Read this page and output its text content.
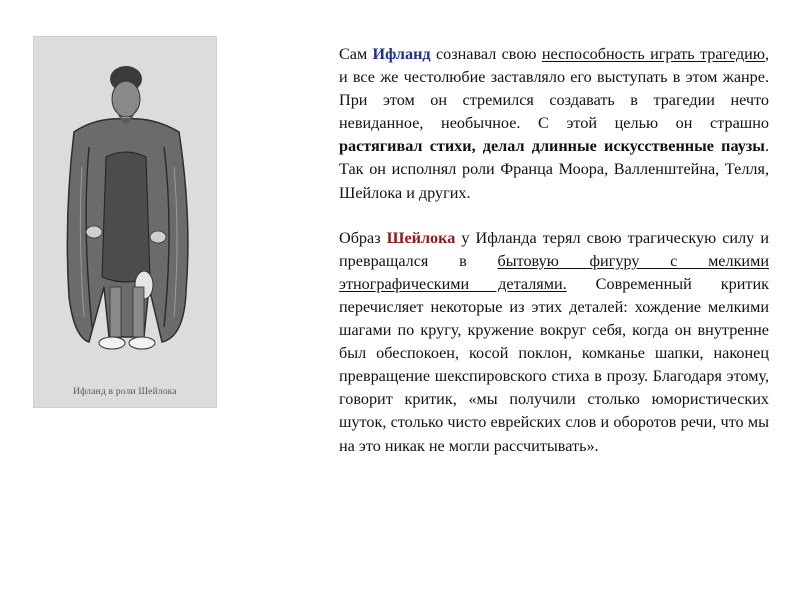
Ифланд в роли Шейлока

Сам Ифланд сознавал свою неспособность играть трагедию, и все же честолюбие заставляло его выступать в этом жанре. При этом он стремился создавать в трагедии нечто невиданное, необычное. С этой целью он страшно растягивал стихи, делал длинные искусственные паузы. Так он исполнял роли Франца Моора, Валленштейна, Телля, Шейлока и других.

Образ Шейлока у Ифланда терял свою трагическую силу и превращался в бытовую фигуру с мелкими этнографическими деталями. Современный критик перечисляет некоторые из этих деталей: хождение мелкими шагами по кругу, кружение вокруг себя, когда он внутренне был обеспокоен, косой поклон, комканье шапки, наконец превращение шекспировского стиха в прозу. Благодаря этому, говорит критик, «мы получили столько юмористических шуток, столько чисто еврейских слов и оборотов речи, что мы на это никак не могли рассчитывать».
